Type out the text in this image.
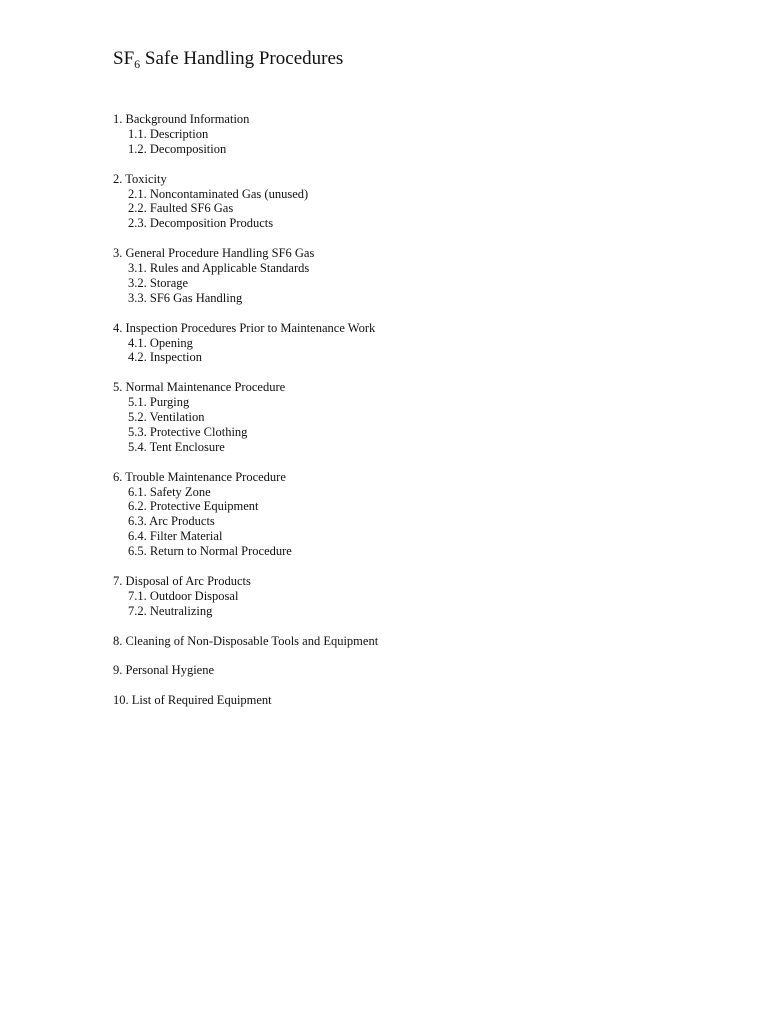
$SF_6$ Safe Handling Procedures
1. Background Information
1.1. Description
1.2. Decomposition
2. Toxicity
2.1. Noncontaminated Gas (unused)
2.2. Faulted SF6 Gas
2.3. Decomposition Products
3. General Procedure Handling SF6 Gas
3.1. Rules and Applicable Standards
3.2. Storage
3.3. SF6 Gas Handling
4. Inspection Procedures Prior to Maintenance Work
4.1. Opening
4.2. Inspection
5. Normal Maintenance Procedure
5.1. Purging
5.2. Ventilation
5.3. Protective Clothing
5.4. Tent Enclosure
6. Trouble Maintenance Procedure
6.1. Safety Zone
6.2. Protective Equipment
6.3. Arc Products
6.4. Filter Material
6.5. Return to Normal Procedure
7. Disposal of Arc Products
7.1. Outdoor Disposal
7.2. Neutralizing
8. Cleaning of Non-Disposable Tools and Equipment
9. Personal Hygiene
10. List of Required Equipment
